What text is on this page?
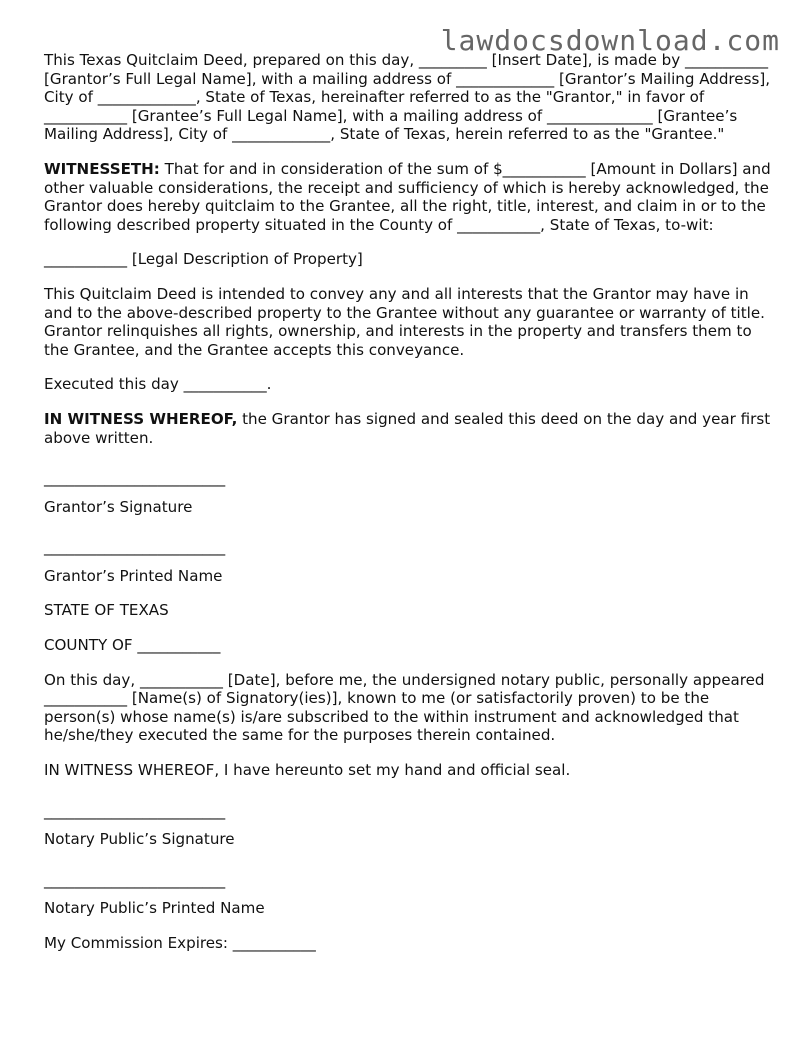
lawdocsdownload.com

This Texas Quitclaim Deed, prepared on this day, _________ [Insert Date], is made by ___________ [Grantor’s Full Legal Name], with a mailing address of _____________ [Grantor’s Mailing Address], City of _____________, State of Texas, hereinafter referred to as the "Grantor," in favor of ___________ [Grantee’s Full Legal Name], with a mailing address of ______________ [Grantee’s Mailing Address], City of _____________, State of Texas, herein referred to as the "Grantee."

WITNESSETH: That for and in consideration of the sum of $___________ [Amount in Dollars] and other valuable considerations, the receipt and sufficiency of which is hereby acknowledged, the Grantor does hereby quitclaim to the Grantee, all the right, title, interest, and claim in or to the following described property situated in the County of ___________, State of Texas, to-wit:

___________ [Legal Description of Property]

This Quitclaim Deed is intended to convey any and all interests that the Grantor may have in and to the above-described property to the Grantee without any guarantee or warranty of title. Grantor relinquishes all rights, ownership, and interests in the property and transfers them to the Grantee, and the Grantee accepts this conveyance.

Executed this day ___________.

IN WITNESS WHEREOF, the Grantor has signed and sealed this deed on the day and year first above written.

________________________

Grantor’s Signature

________________________

Grantor’s Printed Name

STATE OF TEXAS

COUNTY OF ___________

On this day, ___________ [Date], before me, the undersigned notary public, personally appeared ___________ [Name(s) of Signatory(ies)], known to me (or satisfactorily proven) to be the person(s) whose name(s) is/are subscribed to the within instrument and acknowledged that he/she/they executed the same for the purposes therein contained.

IN WITNESS WHEREOF, I have hereunto set my hand and official seal.

________________________

Notary Public’s Signature

________________________

Notary Public’s Printed Name

My Commission Expires: ___________
